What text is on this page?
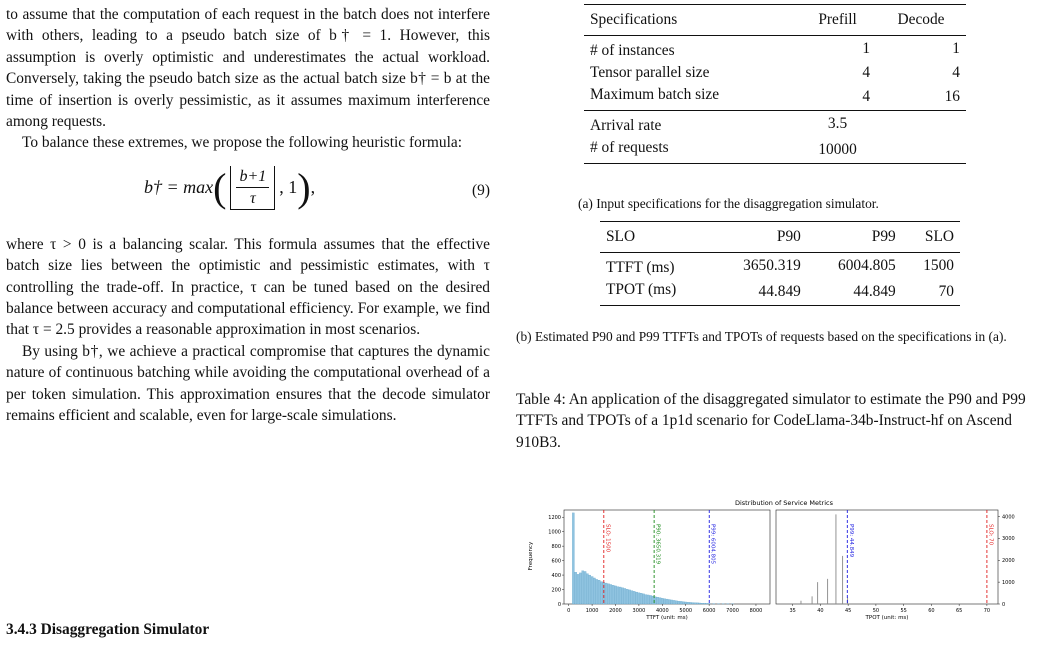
to assume that the computation of each request in the batch does not interfere with others, leading to a pseudo batch size of b† = 1. However, this assumption is overly optimistic and underestimates the actual workload. Conversely, taking the pseudo batch size as the actual batch size b† = b at the time of insertion is overly pessimistic, as it assumes maximum interference among requests.

To balance these extremes, we propose the following heuristic formula:

b† = max ( $\frac{b+1}{\tau}$ , 1 ) ,	(9)

where τ > 0 is a balancing scalar. This formula assumes that the effective batch size lies between the optimistic and pessimistic estimates, with τ controlling the trade-off. In practice, τ can be tuned based on the desired balance between accuracy and computational efficiency. For example, we find that τ = 2.5 provides a reasonable approximation in most scenarios.

By using b†, we achieve a practical compromise that captures the dynamic nature of continuous batching while avoiding the computational overhead of a per token simulation. This approximation ensures that the decode simulator remains efficient and scalable, even for large-scale simulations.

3.4.3 Disaggregation Simulator
Specifications	Prefill	Decode
# of instances	1	1
Tensor parallel size	4	4
Maximum batch size	4	16
Arrival rate	3.5	
# of requests	10000	
(a) Input specifications for the disaggregation simulator.
SLO	P90	P99	SLO
TTFT (ms)	3650.319	6004.805	1500
TPOT (ms)	44.849	44.849	70
(b) Estimated P90 and P99 TTFTs and TPOTs of requests based on the specifications in (a).
Table 4: An application of the disaggregated simulator to estimate the P90 and P99 TTFTs and TPOTs of a 1p1d scenario for CodeLlama-34b-Instruct-hf on Ascend 910B3.
Distribution of Service Metrics
Frequency
0	1000 2000 3000 4000 5000 6000 7000 8000
0
200
400
600
800
1000
1200
TTFT (unit: ms)
SLO: 1500	P90: 3650.319	P99: 6004.805
35	40	45	50	55	60	65	70
0
1000
2000
3000
4000
TPOT (unit: ms)
P99: 44.849	SLO: 70
